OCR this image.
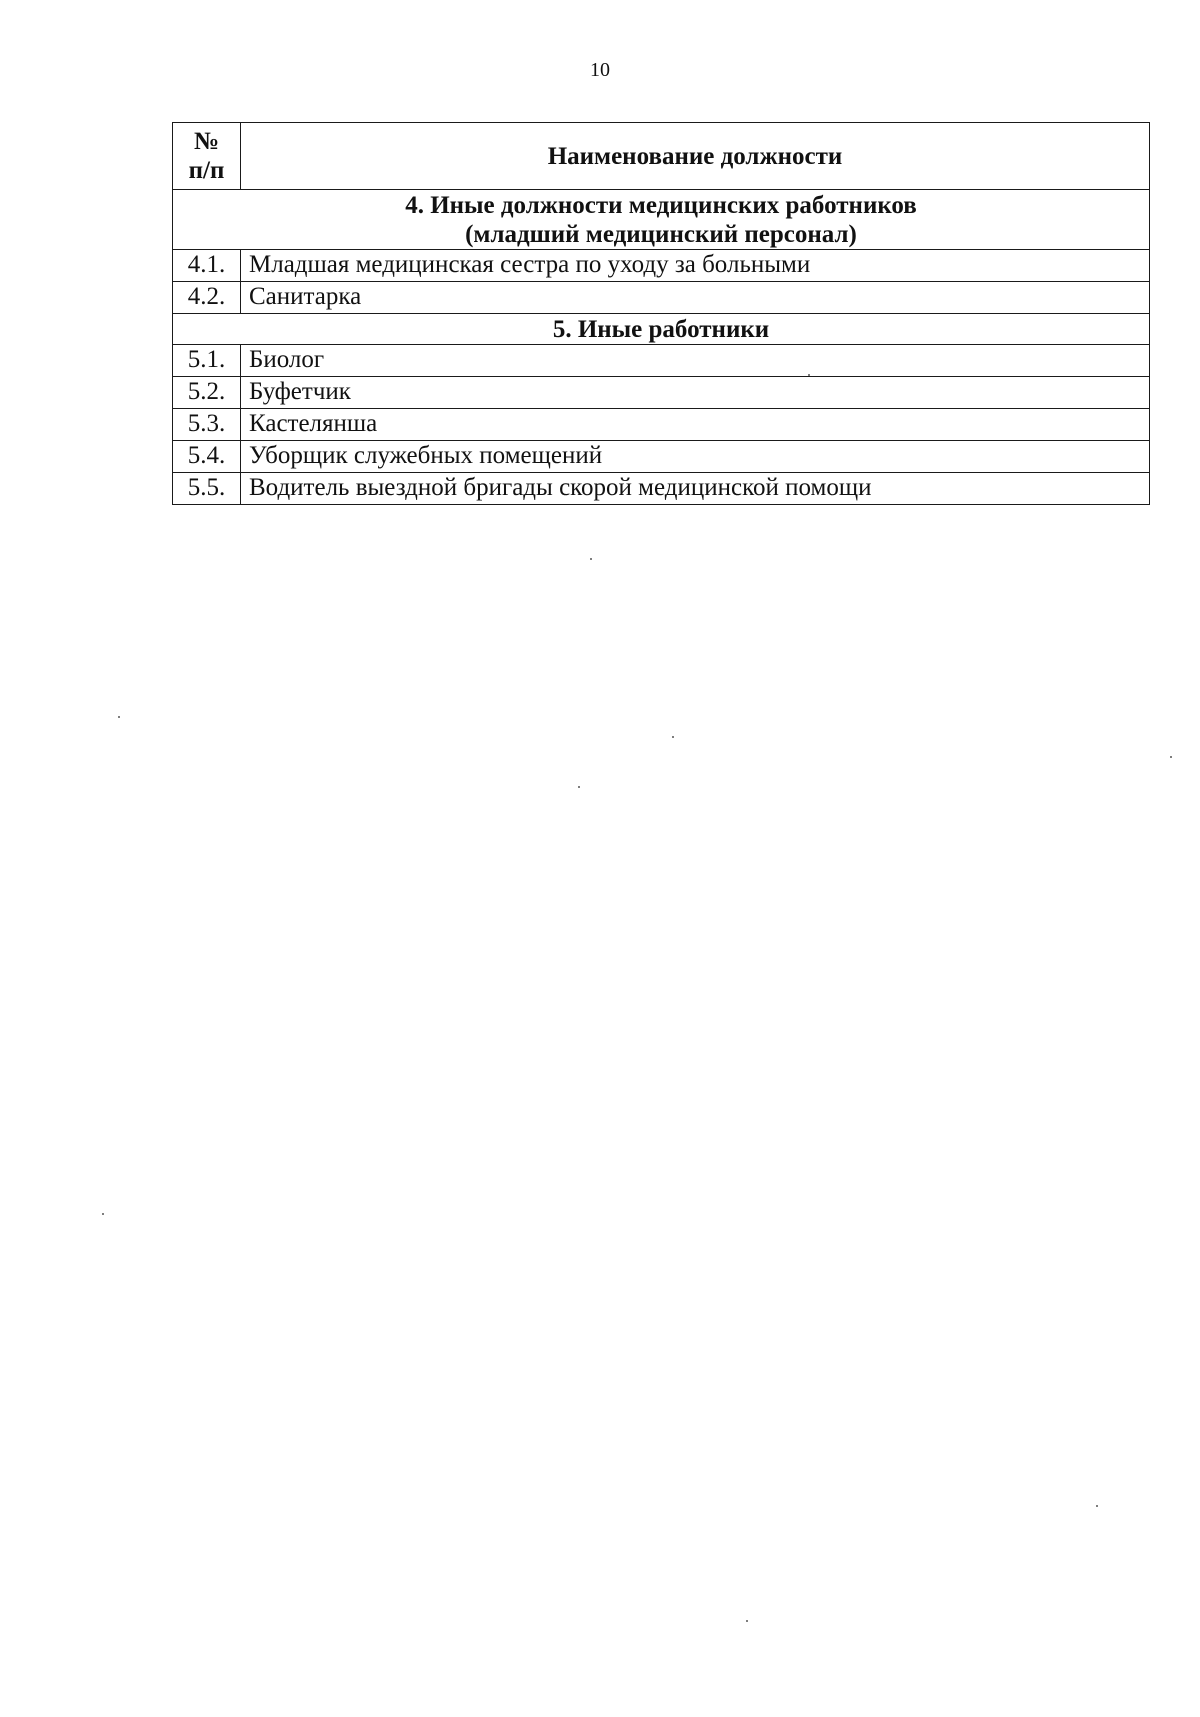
10
№
п/п	Наименование должности

4. Иные должности медицинских работников
(младший медицинский персонал)	

4.1.	Младшая медицинская сестра по уходу за больными
4.2.	Санитарка

5. Иные работники	

5.1.	Биолог
5.2.	Буфетчик
5.3.	Кастелянша
5.4.	Уборщик служебных помещений
5.5.	Водитель выездной бригады скорой медицинской помощи
